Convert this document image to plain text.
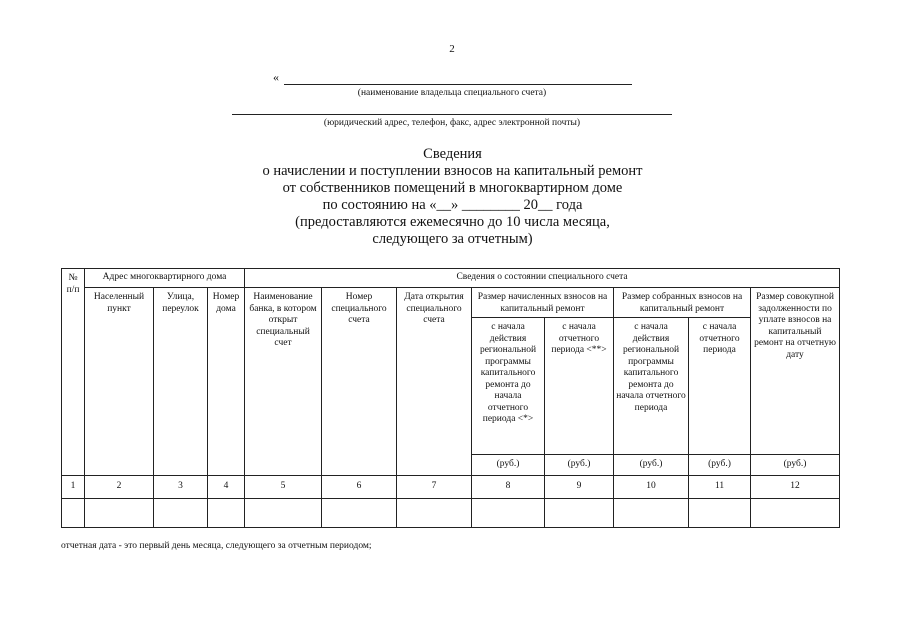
2
«
(наименование владельца специального счета)
(юридический адрес, телефон, факс, адрес электронной почты)
Сведения
о начислении и поступлении взносов на капитальный ремонт
от собственников помещений в многоквартирном доме
по состоянию на «__» ________ 20__ года
(предоставляются ежемесячно до 10 числа месяца,
следующего за отчетным)
№ п/п	Адрес многоквартирного дома			Сведения о состоянии специального счета							
	Населенный пункт	Улица, переулок	Номер дома	Наименование банка, в котором открыт специальный счет	Номер специального счета	Дата открытия специального счета	Размер начисленных взносов на капитальный ремонт		Размер собранных взносов на капитальный ремонт		Размер совокупной задолженности по уплате взносов на капитальный ремонт на отчетную дату
							с начала действия региональной программы капитального ремонта до начала отчетного периода <*>	с начала отчетного периода <**>	с начала действия региональной программы капитального ремонта до начала отчетного периода	с начала отчетного периода	
							(руб.)	(руб.)	(руб.)	(руб.)	(руб.)
1	2	3	4	5	6	7	8	9	10	11	12

отчетная дата - это первый день месяца, следующего за отчетным периодом;
